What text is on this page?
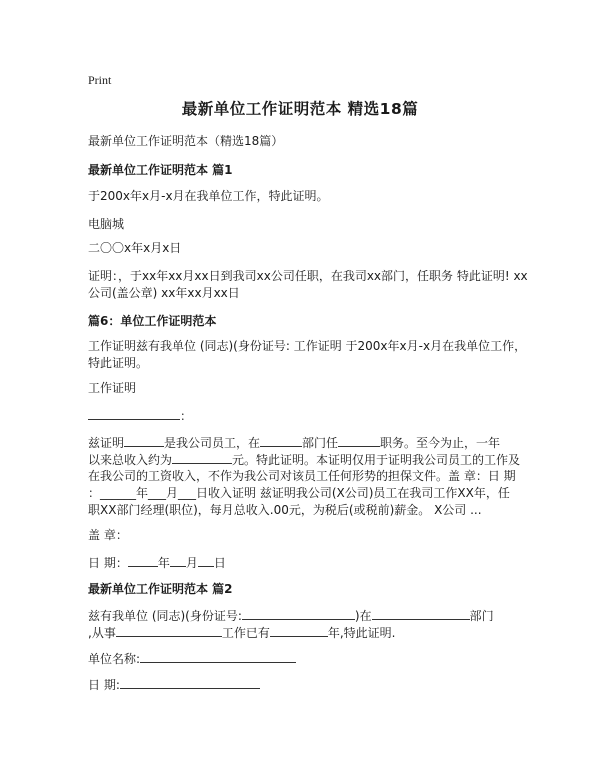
Print
最新单位工作证明范本 精选18篇
最新单位工作证明范本（精选18篇）
最新单位工作证明范本 篇1
于200x年x月-x月在我单位工作，特此证明。
电脑城
二〇〇x年x月x日
证明：，于xx年xx月xx日到我司xx公司任职，在我司xx部门，任职务 特此证明! xx
公司(盖公章) xx年xx月xx日
篇6：单位工作证明范本
工作证明兹有我单位 (同志)(身份证号: 工作证明 于200x年x月-x月在我单位工作，
特此证明。
工作证明
：
兹证明	是我公司员工，在	部门任	职务。至今为止，一年
以来总收入约为	元。特此证明。本证明仅用于证明我公司员工的工作及
在我公司的工资收入，不作为我公司对该员工任何形势的担保文件。盖 章：日 期
：______年___月___日收入证明 兹证明我公司(X公司)员工在我司工作XX年，任
职XX部门经理(职位)，每月总收入.00元，为税后(或税前)薪金。 X公司 ...
盖 章：
日 期：	年 月 日
最新单位工作证明范本 篇2
兹有我单位 (同志)(身份证号:	)在	部门
,从事	工作已有	年,特此证明.
单位名称:
日 期:
